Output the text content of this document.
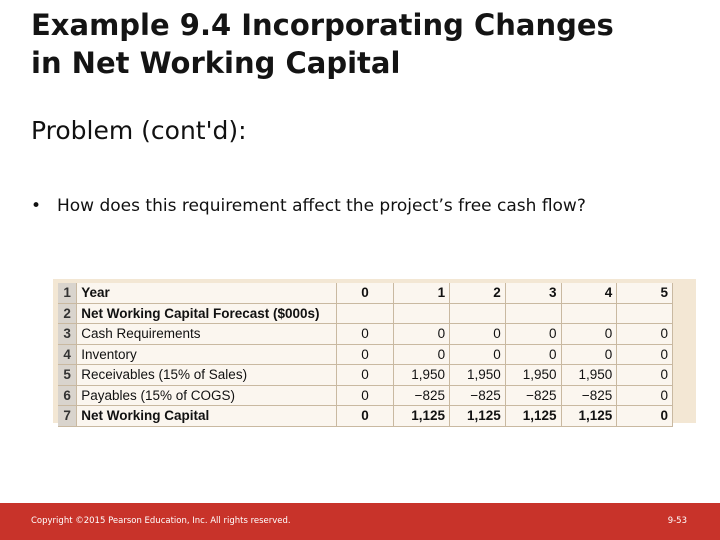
Example 9.4 Incorporating Changes
in Net Working Capital
Problem (cont'd):
• How does this requirement affect the project’s free cash flow?
1	Year	0	1	2	3	4	5
2	Net Working Capital Forecast ($000s)						
3	Cash Requirements	0	0	0	0	0	0
4	Inventory	0	0	0	0	0	0
5	Receivables (15% of Sales)	0	1,950	1,950	1,950	1,950	0
6	Payables (15% of COGS)	0	−825	−825	−825	−825	0
7	Net Working Capital	0	1,125	1,125	1,125	1,125	0
Copyright ©2015 Pearson Education, Inc. All rights reserved.	9-53
